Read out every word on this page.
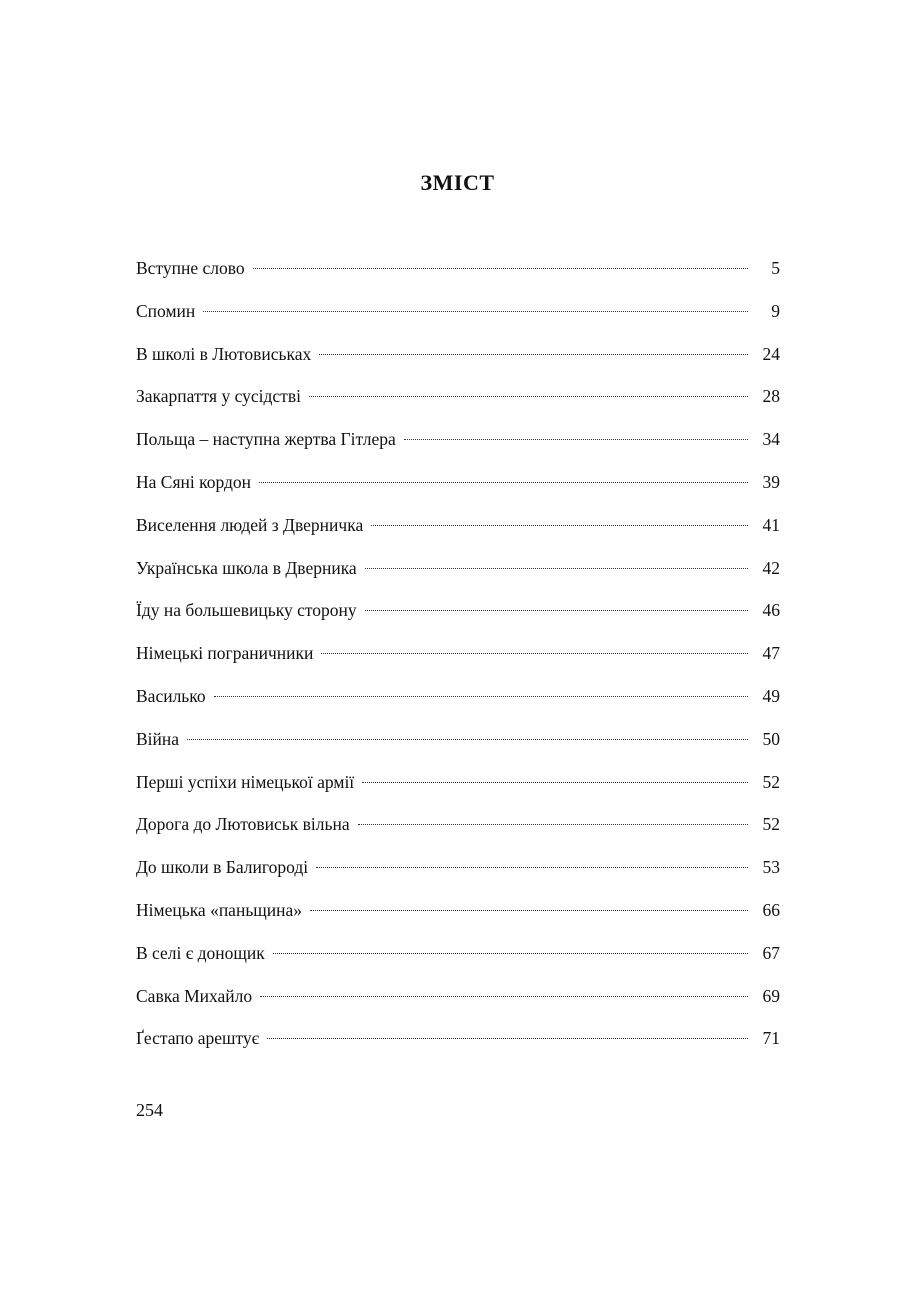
ЗМІСТ
Вступне слово	5
Спомин	9
В школі в Лютовиськах	24
Закарпаття у сусідстві	28
Польща – наступна жертва Гітлера	34
На Сяні кордон	39
Виселення людей з Дверничка	41
Українська школа в Дверника	42
Їду на большевицьку сторону	46
Німецькі пограничники	47
Василько	49
Війна	50
Перші успіхи німецької армії	52
Дорога до Лютовиськ вільна	52
До школи в Балигороді	53
Німецька «паньщина»	66
В селі є донощик	67
Савка Михайло	69
Ґестапо арештує	71
254
